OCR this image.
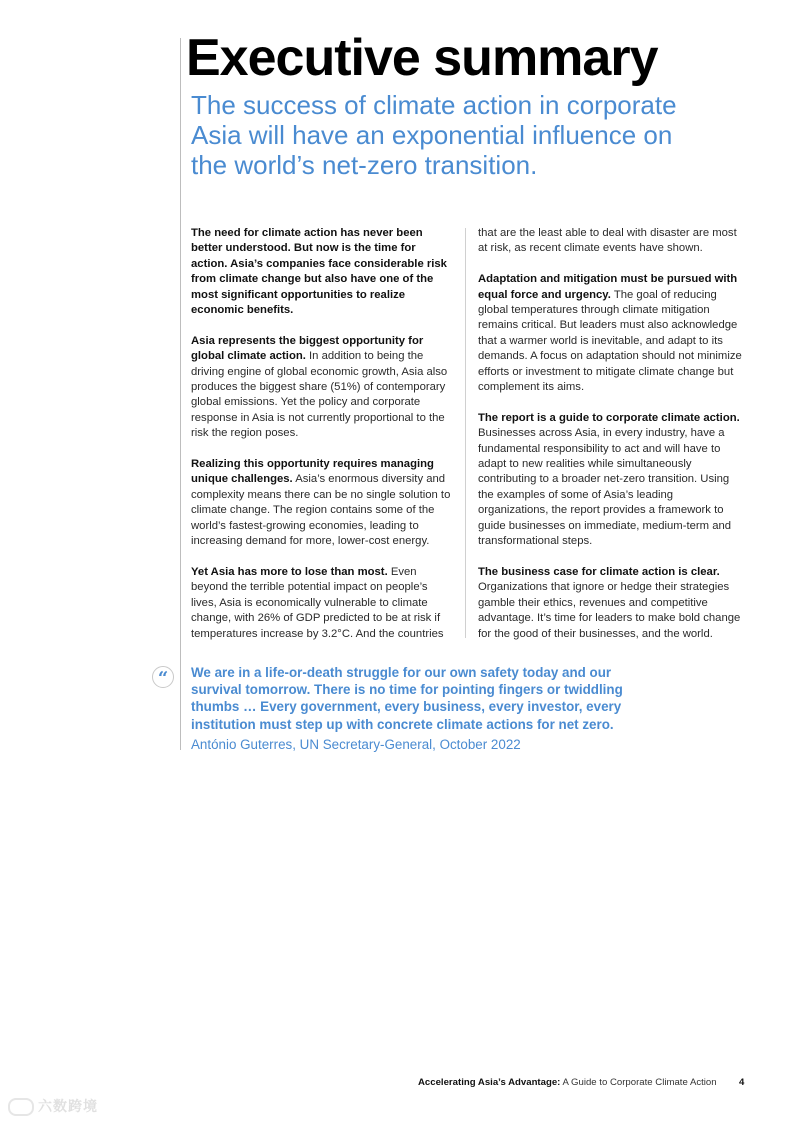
Executive summary
The success of climate action in corporate Asia will have an exponential influence on the world’s net-zero transition.

The need for climate action has never been better understood. But now is the time for action. Asia’s companies face considerable risk from climate change but also have one of the most significant opportunities to realize economic benefits.

Asia represents the biggest opportunity for global climate action. In addition to being the driving engine of global economic growth, Asia also produces the biggest share (51%) of contemporary global emissions. Yet the policy and corporate response in Asia is not currently proportional to the risk the region poses.

Realizing this opportunity requires managing unique challenges. Asia’s enormous diversity and complexity means there can be no single solution to climate change. The region contains some of the world’s fastest-growing economies, leading to increasing demand for more, lower-cost energy.

Yet Asia has more to lose than most. Even beyond the terrible potential impact on people’s lives, Asia is economically vulnerable to climate change, with 26% of GDP predicted to be at risk if temperatures increase by 3.2°C. And the countries

that are the least able to deal with disaster are most at risk, as recent climate events have shown.

Adaptation and mitigation must be pursued with equal force and urgency. The goal of reducing global temperatures through climate mitigation remains critical. But leaders must also acknowledge that a warmer world is inevitable, and adapt to its demands. A focus on adaptation should not minimize efforts or investment to mitigate climate change but complement its aims.

The report is a guide to corporate climate action. Businesses across Asia, in every industry, have a fundamental responsibility to act and will have to adapt to new realities while simultaneously contributing to a broader net-zero transition. Using the examples of some of Asia’s leading organizations, the report provides a framework to guide businesses on immediate, medium-term and transformational steps.

The business case for climate action is clear. Organizations that ignore or hedge their strategies gamble their ethics, revenues and competitive advantage. It’s time for leaders to make bold change for the good of their businesses, and the world.

“	We are in a life-or-death struggle for our own safety today and our survival tomorrow. There is no time for pointing fingers or twiddling thumbs … Every government, every business, every investor, every institution must step up with concrete climate actions for net zero.

António Guterres, UN Secretary-General, October 2022

Accelerating Asia’s Advantage: A Guide to Corporate Climate Action 4
六数跨境
